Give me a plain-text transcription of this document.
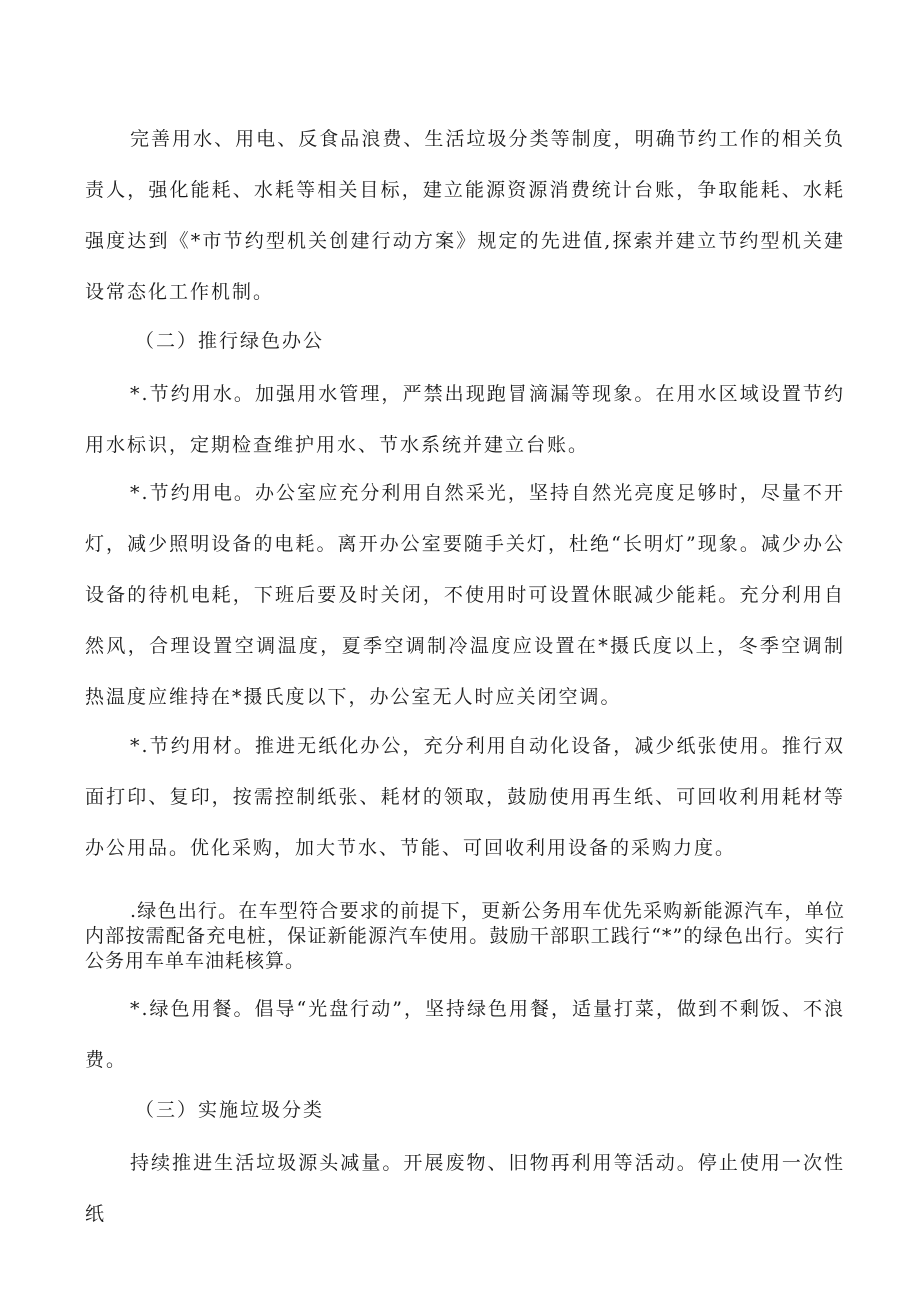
完善用水、用电、反食品浪费、生活垃圾分类等制度，明确节约工作的相关负责人，强化能耗、水耗等相关目标，建立能源资源消费统计台账，争取能耗、水耗强度达到《*市节约型机关创建行动方案》规定的先进值,探索并建立节约型机关建设常态化工作机制。

（二）推行绿色办公

*.节约用水。加强用水管理，严禁出现跑冒滴漏等现象。在用水区域设置节约用水标识，定期检查维护用水、节水系统并建立台账。

*.节约用电。办公室应充分利用自然采光，坚持自然光亮度足够时，尽量不开灯，减少照明设备的电耗。离开办公室要随手关灯，杜绝“长明灯”现象。减少办公设备的待机电耗，下班后要及时关闭，不使用时可设置休眠减少能耗。充分利用自然风，合理设置空调温度，夏季空调制冷温度应设置在*摄氏度以上，冬季空调制热温度应维持在*摄氏度以下，办公室无人时应关闭空调。

*.节约用材。推进无纸化办公，充分利用自动化设备，减少纸张使用。推行双面打印、复印，按需控制纸张、耗材的领取，鼓励使用再生纸、可回收利用耗材等办公用品。优化采购，加大节水、节能、可回收利用设备的采购力度。

.绿色出行。在车型符合要求的前提下，更新公务用车优先采购新能源汽车，单位内部按需配备充电桩，保证新能源汽车使用。鼓励干部职工践行“*”的绿色出行。实行公务用车单车油耗核算。

*.绿色用餐。倡导“光盘行动”，坚持绿色用餐，适量打菜，做到不剩饭、不浪费。

（三）实施垃圾分类

持续推进生活垃圾源头减量。开展废物、旧物再利用等活动。停止使用一次性纸
